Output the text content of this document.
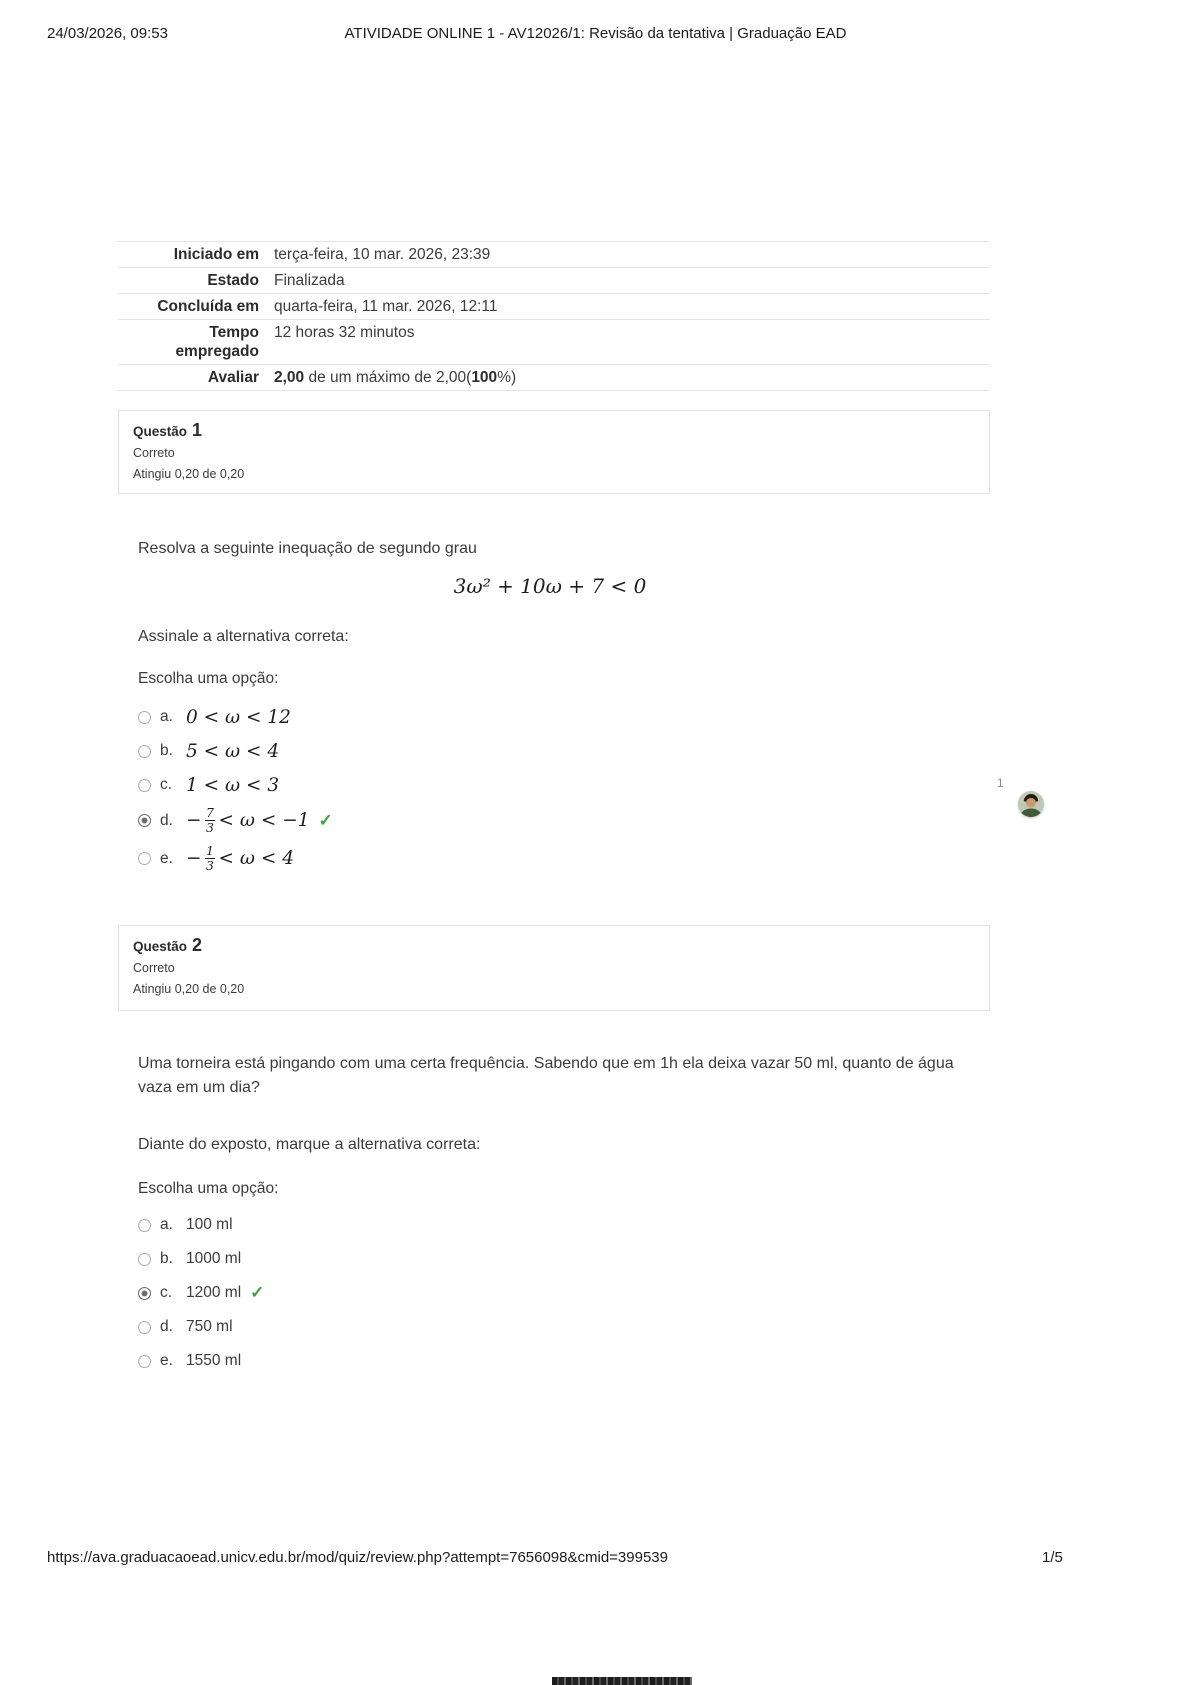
24/03/2026, 09:53	ATIVIDADE ONLINE 1 - AV12026/1: Revisão da tentativa | Graduação EAD
Iniciado em terça-feira, 10 mar. 2026, 23:39
Estado Finalizada
Concluída em quarta-feira, 11 mar. 2026, 12:11
Tempo empregado
12 horas 32 minutos
Avaliar 2,00 de um máximo de 2,00(100%)
Questão 1
Correto
Atingiu 0,20 de 0,20
Resolva a seguinte inequação de segundo grau
3ω² + 10ω + 7 < 0
Assinale a alternativa correta:
Escolha uma opção:
a. 0 < ω < 12
b. 5 < ω < 4
c. 1 < ω < 3
d. − $\frac{7}{3} < \omega < -1$ ✓
e. − $\frac{1}{3} < \omega < 4$
Questão 2
Correto
Atingiu 0,20 de 0,20
Uma torneira está pingando com uma certa frequência. Sabendo que em 1h ela deixa vazar 50 ml, quanto de água vaza em um dia?
Diante do exposto, marque a alternativa correta:
Escolha uma opção:
a. 100 ml
b. 1000 ml
c. 1200 ml ✓
d. 750 ml
e. 1550 ml
1
https://ava.graduacaoead.unicv.edu.br/mod/quiz/review.php?attempt=7656098&cmid=399539	1/5
